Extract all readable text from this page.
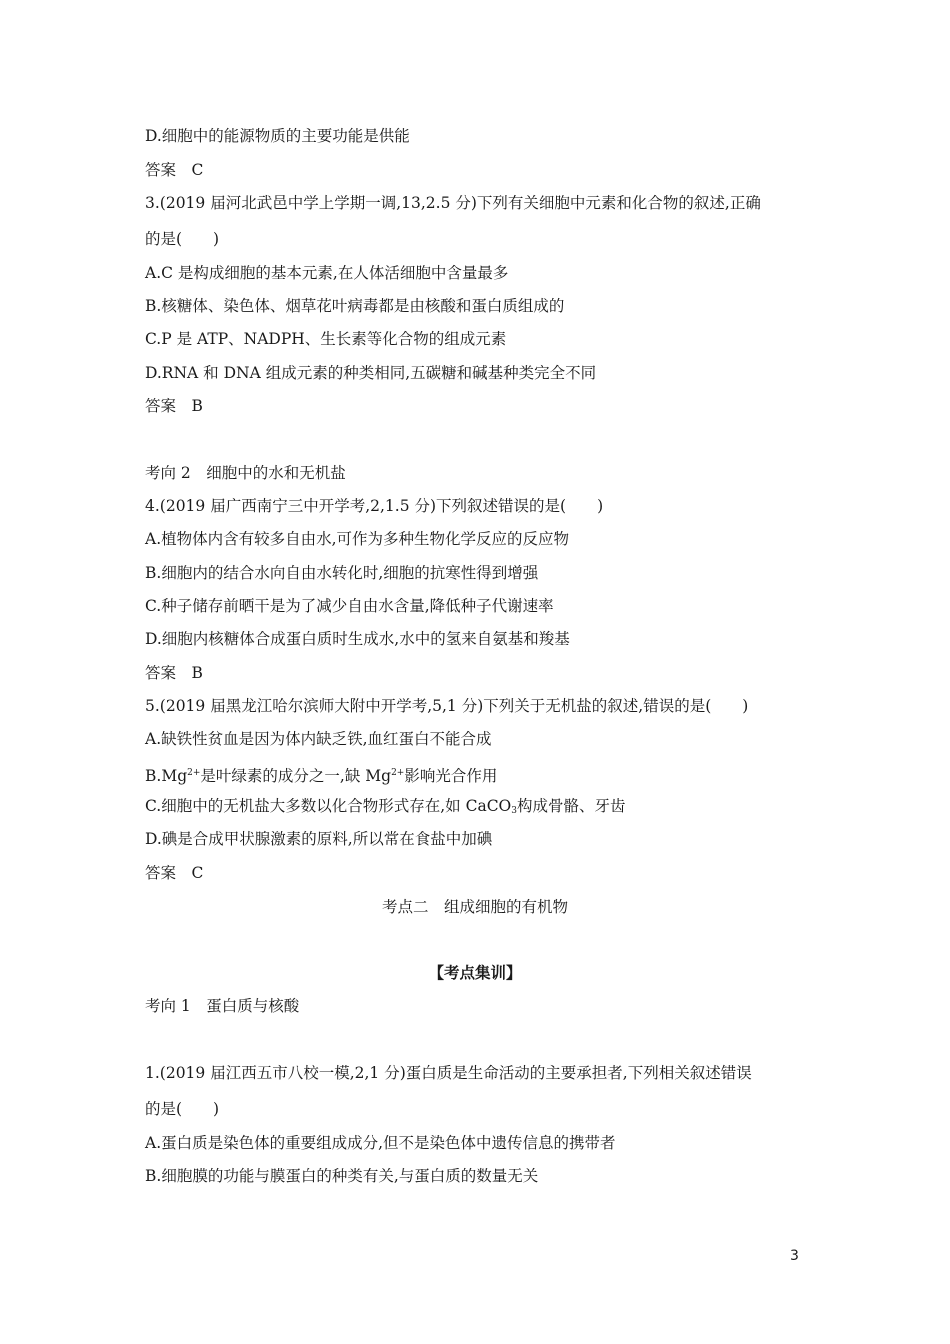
D.细胞中的能源物质的主要功能是供能
答案　C
3.(2019 届河北武邑中学上学期一调,13,2.5 分)下列有关细胞中元素和化合物的叙述,正确
的是(　　)
A.C 是构成细胞的基本元素,在人体活细胞中含量最多
B.核糖体、染色体、烟草花叶病毒都是由核酸和蛋白质组成的
C.P 是 ATP、NADPH、生长素等化合物的组成元素
D.RNA 和 DNA 组成元素的种类相同,五碳糖和碱基种类完全不同
答案　B
考向 2　细胞中的水和无机盐
4.(2019 届广西南宁三中开学考,2,1.5 分)下列叙述错误的是(　　)
A.植物体内含有较多自由水,可作为多种生物化学反应的反应物
B.细胞内的结合水向自由水转化时,细胞的抗寒性得到增强
C.种子储存前晒干是为了减少自由水含量,降低种子代谢速率
D.细胞内核糖体合成蛋白质时生成水,水中的氢来自氨基和羧基
答案　B
5.(2019 届黑龙江哈尔滨师大附中开学考,5,1 分)下列关于无机盐的叙述,错误的是(　　)
A.缺铁性贫血是因为体内缺乏铁,血红蛋白不能合成
$B.Mg^{2+}$是叶绿素的成分之一,缺 $Mg^{2+}$影响光合作用
C.细胞中的无机盐大多数以化合物形式存在,如 CaCO$_3$构成骨骼、牙齿
D.碘是合成甲状腺激素的原料,所以常在食盐中加碘
答案　C
考点二　组成细胞的有机物
【考点集训】
考向 1　蛋白质与核酸
1.(2019 届江西五市八校一模,2,1 分)蛋白质是生命活动的主要承担者,下列相关叙述错误
的是(　　)
A.蛋白质是染色体的重要组成成分,但不是染色体中遗传信息的携带者
B.细胞膜的功能与膜蛋白的种类有关,与蛋白质的数量无关
3
